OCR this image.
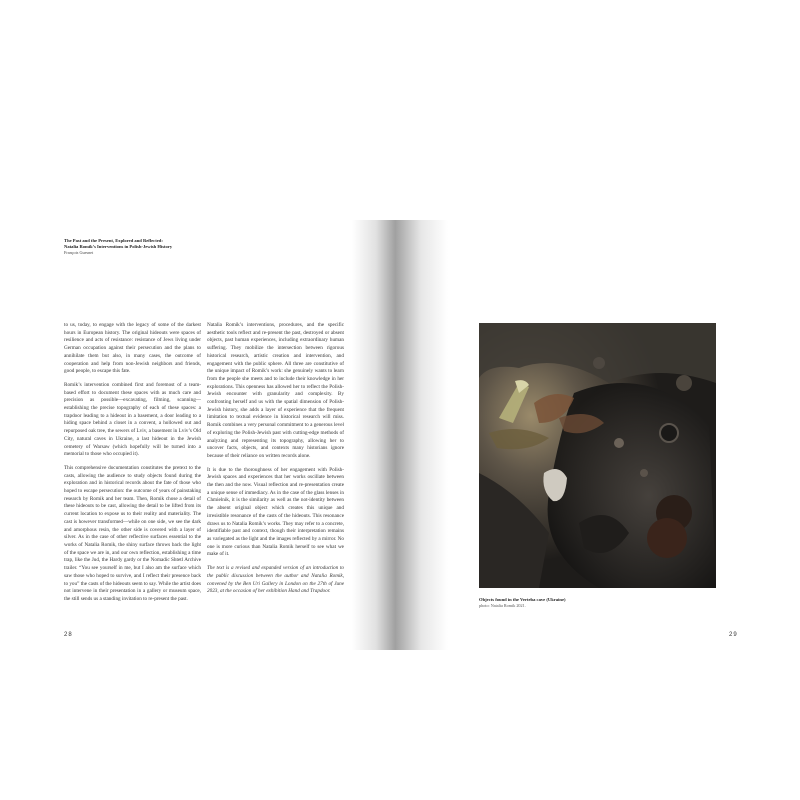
The Past and the Present, Explored and Reflected:
Natalia Romik’s Interventions in Polish-Jewish History
François Guesnet

to us, today, to engage with the legacy of some of the darkest hours in European history. The original hideouts were spaces of resilience and acts of resistance: resistance of Jews living under German occupation against their persecution and the plans to annihilate them but also, in many cases, the outcome of cooperation and help from non-Jewish neighbors and friends, good people, to escape this fate.

Romik’s intervention combined first and foremost of a team-based effort to document these spaces with as much care and precision as possible—excavating, filming, scanning—establishing the precise topography of each of these spaces: a trapdoor leading to a hideout in a basement, a door leading to a hiding space behind a closet in a convent, a hollowed out and repurposed oak tree, the sewers of Lviv, a basement in Lviv’s Old City, natural caves in Ukraine, a last hideout in the Jewish cemetery of Warsaw (which hopefully will be turned into a memorial to those who occupied it).

This comprehensive documentation constitutes the pretext to the casts, allowing the audience to study objects found during the exploration and in historical records about the fate of those who hoped to escape persecution: the outcome of years of painstaking research by Romik and her team. Then, Romik chose a detail of these hideouts to be cast, allowing the detail to be lifted from its current location to expose us to their reality and materiality. The cast is however transformed—while on one side, we see the dark and amorphous resin, the other side is covered with a layer of silver. As in the case of other reflective surfaces essential to the works of Natalia Romik, the shiny surface throws back the light of the space we are in, and our own reflection, establishing a time trap, like the Jud, the Hardy gardy or the Nomadic Shtetl Archive trailer. “You see yourself in me, but I also am the surface which saw those who hoped to survive, and I reflect their presence back to you” the casts of the hideouts seem to say. While the artist does not intervene in their presentation in a gallery or museum space, the still sends us a standing invitation to re-present the past.

Natalia Romik’s interventions, procedures, and the specific aesthetic tools reflect and re-present the past, destroyed or absent objects, past human experiences, including extraordinary human suffering. They mobilize the intersection between rigorous historical research, artistic creation and intervention, and engagement with the public sphere. All three are constitutive of the unique impact of Romik’s work: she genuinely wants to learn from the people she meets and to include their knowledge in her explorations. This openness has allowed her to reflect the Polish-Jewish encounter with granularity and complexity. By confronting herself and us with the spatial dimension of Polish-Jewish history, she adds a layer of experience that the frequent limitation to textual evidence in historical research will miss. Romik combines a very personal commitment to a generous level of exploring the Polish-Jewish past with cutting-edge methods of analyzing and representing its topography, allowing her to uncover facts, objects, and contexts many historians ignore because of their reliance on written records alone.

It is due to the thoroughness of her engagement with Polish-Jewish spaces and experiences that her works oscillate between the then and the now. Visual reflection and re-presentation create a unique sense of immediacy. As in the case of the glass lenses in Chmielnik, it is the similarity as well as the not-identity between the absent original object which creates this unique and irresistible resonance of the casts of the hideouts. This resonance draws us to Natalia Romik’s works. They may refer to a concrete, identifiable past and context, though their interpretation remains as variegated as the light and the images reflected by a mirror. No one is more curious than Natalia Romik herself to see what we make of it.

The text is a revised and expanded version of an introduction to the public discussion between the author and Natalia Romik, convened by the Ben Uri Gallery in London on the 27th of June 2023, at the occasion of her exhibition Hand and Trapdoor.

28	29
Objects found in the Verteba cave (Ukraine)
photo: Natalia Romik 2021.
